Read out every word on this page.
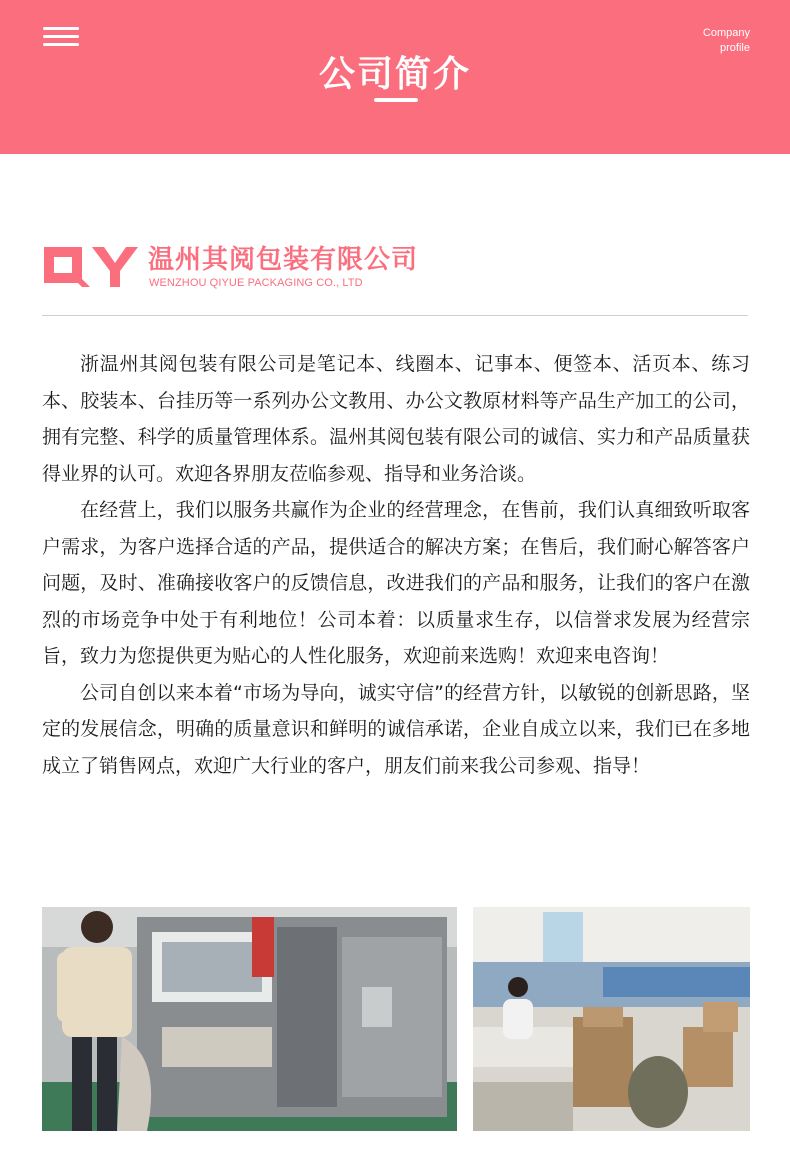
Company
profile
公司简介
温州其阅包装有限公司
WENZHOU QIYUE PACKAGING CO., LTD

浙温州其阅包装有限公司是笔记本、线圈本、记事本、便签本、活页本、练习本、胶装本、台挂历等一系列办公文教用、办公文教原材料等产品生产加工的公司，拥有完整、科学的质量管理体系。温州其阅包装有限公司的诚信、实力和产品质量获得业界的认可。欢迎各界朋友莅临参观、指导和业务洽谈。

在经营上，我们以服务共赢作为企业的经营理念，在售前，我们认真细致听取客户需求，为客户选择合适的产品，提供适合的解决方案；在售后，我们耐心解答客户问题，及时、准确接收客户的反馈信息，改进我们的产品和服务，让我们的客户在激烈的市场竞争中处于有利地位！公司本着：以质量求生存，以信誉求发展为经营宗旨，致力为您提供更为贴心的人性化服务，欢迎前来选购！欢迎来电咨询！

公司自创以来本着“市场为导向，诚实守信”的经营方针，以敏锐的创新思路，坚定的发展信念，明确的质量意识和鲜明的诚信承诺，企业自成立以来，我们已在多地成立了销售网点，欢迎广大行业的客户，朋友们前来我公司参观、指导！
